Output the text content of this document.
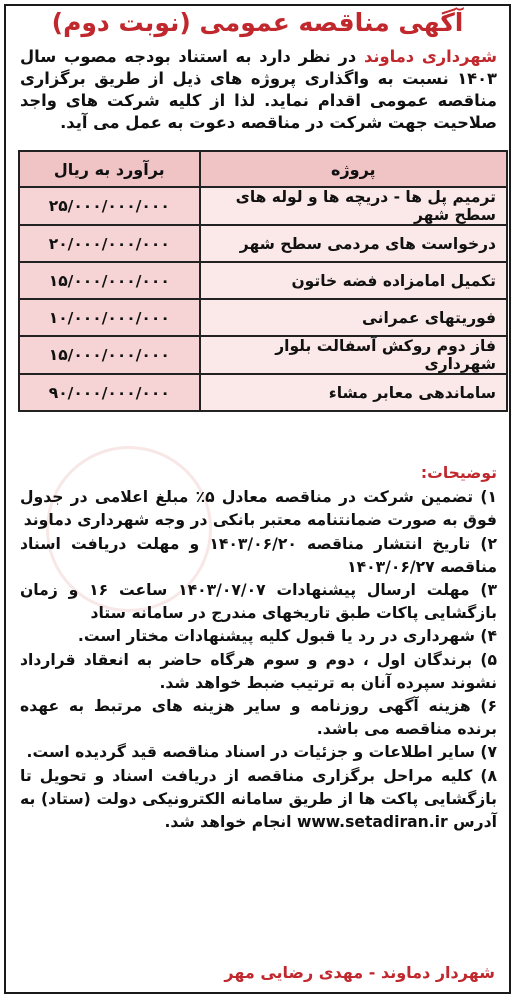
آگهی مناقصه عمومی (نوبت دوم)
شهرداری دماوند در نظر دارد به استناد بودجه مصوب سال ۱۴۰۳ نسبت به واگذاری پروژه های ذیل از طریق برگزاری مناقصه عمومی اقدام نماید. لذا از کلیه شرکت های واجد صلاحیت جهت شرکت در مناقصه دعوت به عمل می آید.
پروژه	برآورد به ریال
ترمیم پل ها - دریچه ها و لوله های سطح شهر	۲۵/۰۰۰/۰۰۰/۰۰۰
درخواست های مردمی سطح شهر	۲۰/۰۰۰/۰۰۰/۰۰۰
تکمیل امامزاده فضه خاتون	۱۵/۰۰۰/۰۰۰/۰۰۰
فوریتهای عمرانی	۱۰/۰۰۰/۰۰۰/۰۰۰
فاز دوم روکش آسفالت بلوار شهرداری	۱۵/۰۰۰/۰۰۰/۰۰۰
ساماندهی معابر مشاء	۹۰/۰۰۰/۰۰۰/۰۰۰
توضیحات:

۱) تضمین شرکت در مناقصه معادل ۵٪ مبلغ اعلامی در جدول فوق به صورت ضمانتنامه معتبر بانکی در وجه شهرداری دماوند

۲) تاریخ انتشار مناقصه ۱۴۰۳/۰۶/۲۰ و مهلت دریافت اسناد مناقصه ۱۴۰۳/۰۶/۲۷

۳) مهلت ارسال پیشنهادات ۱۴۰۳/۰۷/۰۷ ساعت ۱۶ و زمان بازگشایی پاکات طبق تاریخهای مندرج در سامانه ستاد

۴) شهرداری در رد یا قبول کلیه پیشنهادات مختار است.

۵) برندگان اول ، دوم و سوم هرگاه حاضر به انعقاد قرارداد نشوند سپرده آنان به ترتیب ضبط خواهد شد.

۶) هزینه آگهی روزنامه و سایر هزینه های مرتبط به عهده برنده مناقصه می باشد.

۷) سایر اطلاعات و جزئیات در اسناد مناقصه قید گردیده است.

۸) کلیه مراحل برگزاری مناقصه از دریافت اسناد و تحویل تا بازگشایی پاکت ها از طریق سامانه الکترونیکی دولت (ستاد) به آدرس www.setadiran.ir انجام خواهد شد.

شهردار دماوند - مهدی رضایی مهر
